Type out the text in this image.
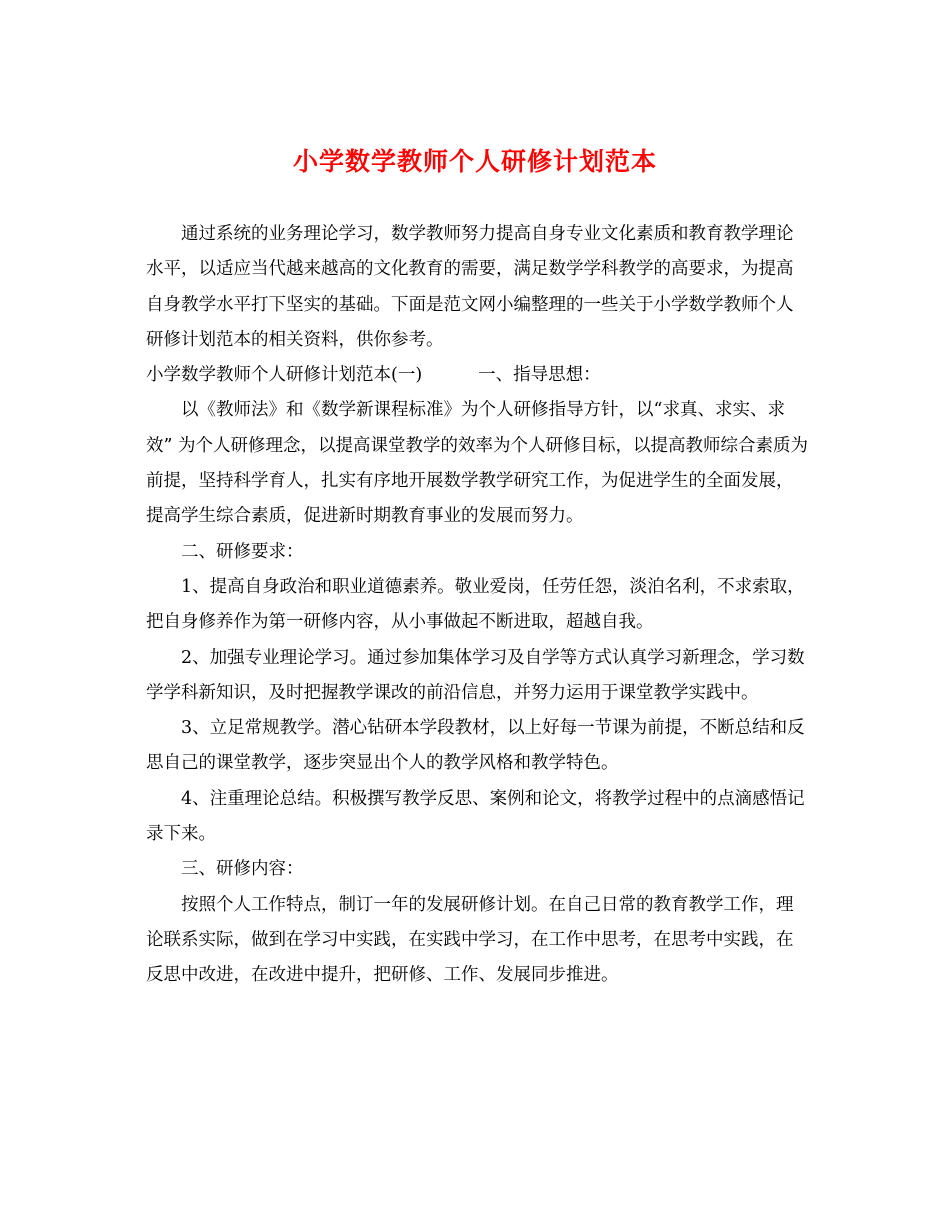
小学数学教师个人研修计划范本

通过系统的业务理论学习，数学教师努力提高自身专业文化素质和教育教学理论水平，以适应当代越来越高的文化教育的需要，满足数学学科教学的高要求，为提高自身教学水平打下坚实的基础。下面是范文网小编整理的一些关于小学数学教师个人研修计划范本的相关资料，供你参考。

小学数学教师个人研修计划范本(一)	一、指导思想：

以《教师法》和《数学新课程标准》为个人研修指导方针，以“求真、求实、求效” 为个人研修理念，以提高课堂教学的效率为个人研修目标，以提高教师综合素质为前提，坚持科学育人，扎实有序地开展数学教学研究工作，为促进学生的全面发展，提高学生综合素质，促进新时期教育事业的发展而努力。

二、研修要求：

1、提高自身政治和职业道德素养。敬业爱岗，任劳任怨，淡泊名利，不求索取，把自身修养作为第一研修内容，从小事做起不断进取，超越自我。

2、加强专业理论学习。通过参加集体学习及自学等方式认真学习新理念，学习数学学科新知识，及时把握教学课改的前沿信息，并努力运用于课堂教学实践中。

3、立足常规教学。潜心钻研本学段教材，以上好每一节课为前提，不断总结和反思自己的课堂教学，逐步突显出个人的教学风格和教学特色。

4、注重理论总结。积极撰写教学反思、案例和论文，将教学过程中的点滴感悟记录下来。

三、研修内容：

按照个人工作特点，制订一年的发展研修计划。在自己日常的教育教学工作，理论联系实际，做到在学习中实践，在实践中学习，在工作中思考，在思考中实践，在反思中改进，在改进中提升，把研修、工作、发展同步推进。
